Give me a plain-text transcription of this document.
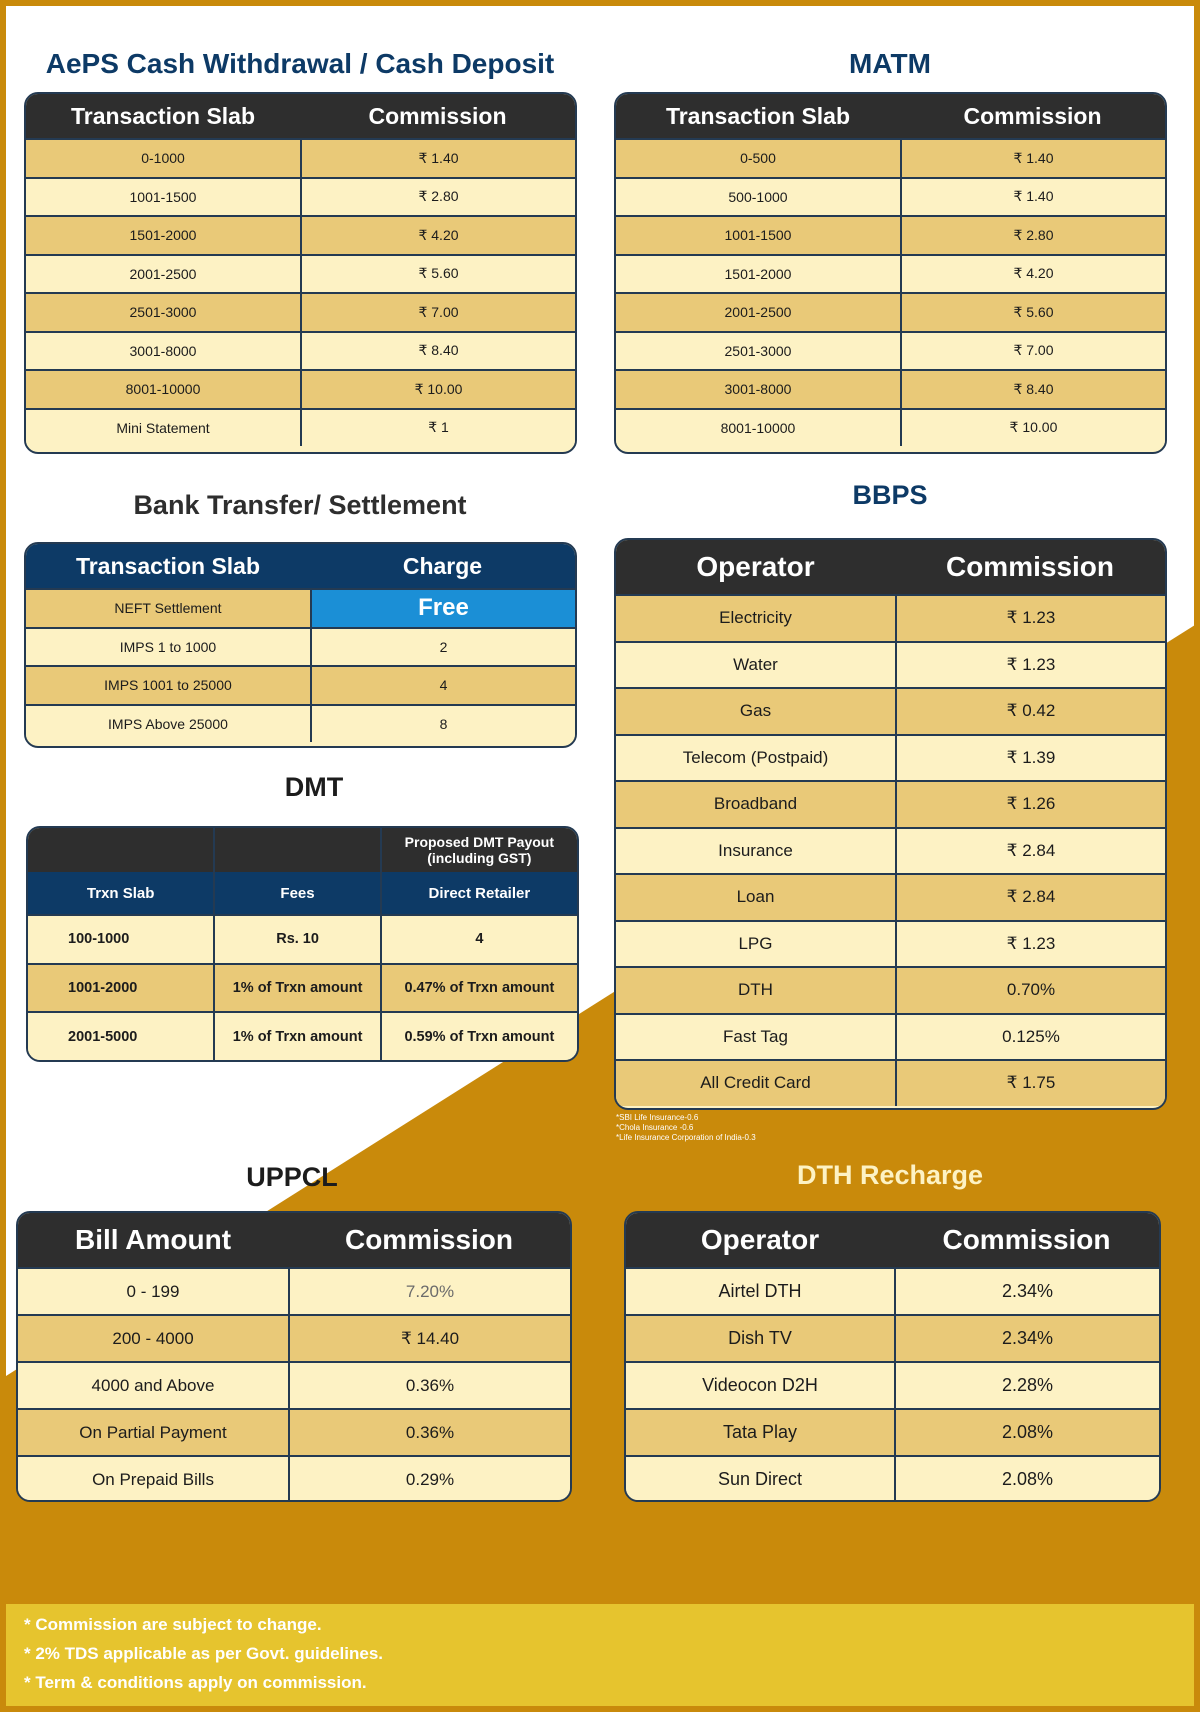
AePS Cash Withdrawal / Cash Deposit
Transaction Slab	Commission
0-1000	₹ 1.40
1001-1500	₹ 2.80
1501-2000	₹ 4.20
2001-2500	₹ 5.60
2501-3000	₹ 7.00
3001-8000	₹ 8.40
8001-10000	₹ 10.00
Mini Statement	₹ 1
MATM
Transaction Slab	Commission
0-500	₹ 1.40
500-1000	₹ 1.40
1001-1500	₹ 2.80
1501-2000	₹ 4.20
2001-2500	₹ 5.60
2501-3000	₹ 7.00
3001-8000	₹ 8.40
8001-10000	₹ 10.00
Bank Transfer/ Settlement
Transaction Slab	Charge
NEFT Settlement	Free
IMPS 1 to 1000	2
IMPS 1001 to 25000	4
IMPS Above 25000	8
DMT
Proposed DMT Payout (including GST)
Trxn Slab	Fees	Direct Retailer
100-1000	Rs. 10	4
1001-2000	1% of Trxn amount	0.47% of Trxn amount
2001-5000	1% of Trxn amount	0.59% of Trxn amount
BBPS
Operator	Commission
Electricity	₹ 1.23
Water	₹ 1.23
Gas	₹ 0.42
Telecom (Postpaid)	₹ 1.39
Broadband	₹ 1.26
Insurance	₹ 2.84
Loan	₹ 2.84
LPG	₹ 1.23
DTH	0.70%
Fast Tag	0.125%
All Credit Card	₹ 1.75
*SBI Life Insurance-0.6
*Chola Insurance -0.6
*Life Insurance Corporation of India-0.3
UPPCL
Bill Amount	Commission
0 - 199	7.20%
200 - 4000	₹ 14.40
4000 and Above	0.36%
On Partial Payment	0.36%
On Prepaid Bills	0.29%
DTH Recharge
Operator	Commission
Airtel DTH	2.34%
Dish TV	2.34%
Videocon D2H	2.28%
Tata Play	2.08%
Sun Direct	2.08%
* Commission are subject to change.
* 2% TDS applicable as per Govt. guidelines.
* Term & conditions apply on commission.
